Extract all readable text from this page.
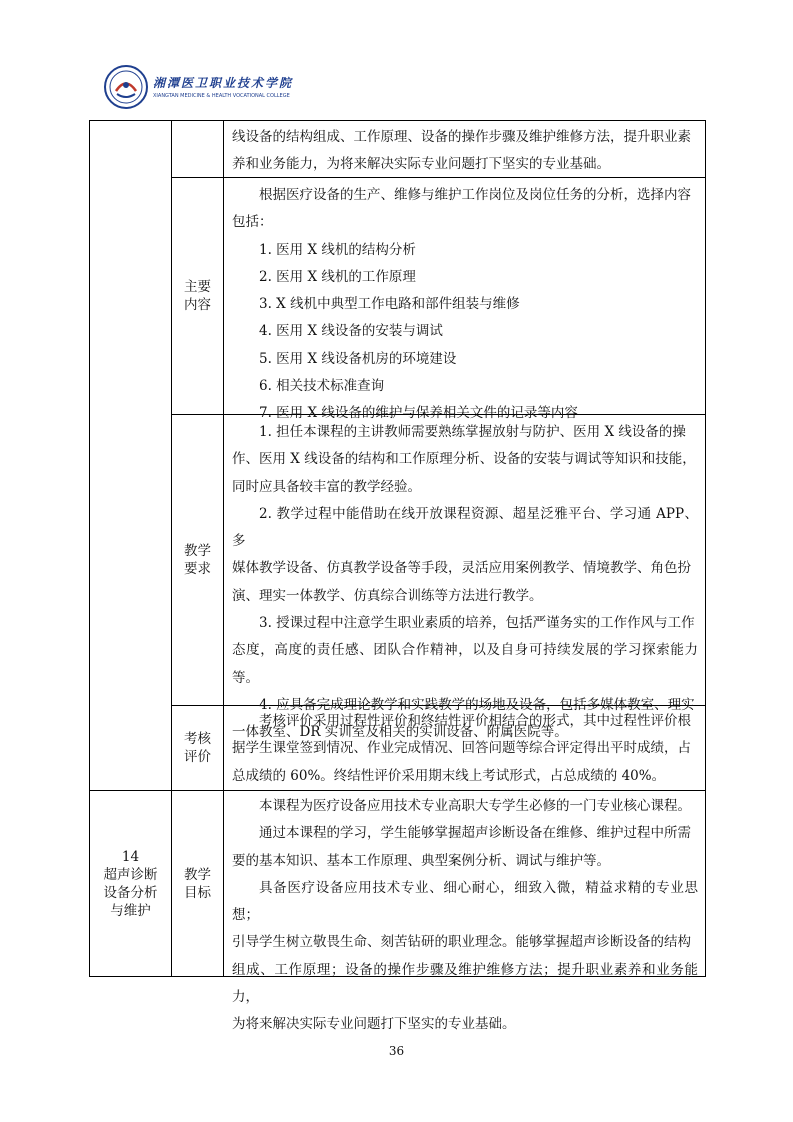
湘潭医卫职业技术学院
XIANGTAN MEDICINE & HEALTH VOCATIONAL COLLEGE

线设备的结构组成、工作原理、设备的操作步骤及维护维修方法，提升职业素

养和业务能力，为将来解决实际专业问题打下坚实的专业基础。

主要
内容

根据医疗设备的生产、维修与维护工作岗位及岗位任务的分析，选择内容

包括：

1. 医用 X 线机的结构分析

2. 医用 X 线机的工作原理

3. X 线机中典型工作电路和部件组装与维修

4. 医用 X 线设备的安装与调试

5. 医用 X 线设备机房的环境建设

6. 相关技术标准查询

7. 医用 X 线设备的维护与保养相关文件的记录等内容

教学
要求

1. 担任本课程的主讲教师需要熟练掌握放射与防护、医用 X 线设备的操

作、医用 X 线设备的结构和工作原理分析、设备的安装与调试等知识和技能，

同时应具备较丰富的教学经验。

2. 教学过程中能借助在线开放课程资源、超星泛雅平台、学习通 APP、多

媒体教学设备、仿真教学设备等手段，灵活应用案例教学、情境教学、角色扮

演、理实一体教学、仿真综合训练等方法进行教学。

3. 授课过程中注意学生职业素质的培养，包括严谨务实的工作作风与工作

态度，高度的责任感、团队合作精神，以及自身可持续发展的学习探索能力等。

4. 应具备完成理论教学和实践教学的场地及设备，包括多媒体教室、理实

一体教室、DR 实训室及相关的实训设备、附属医院等。

考核
评价

考核评价采用过程性评价和终结性评价相结合的形式，其中过程性评价根

据学生课堂签到情况、作业完成情况、回答问题等综合评定得出平时成绩，占

总成绩的 60%。终结性评价采用期末线上考试形式，占总成绩的 40%。

14
超声诊断
设备分析
与维护
教学
目标

本课程为医疗设备应用技术专业高职大专学生必修的一门专业核心课程。

通过本课程的学习，学生能够掌握超声诊断设备在维修、维护过程中所需

要的基本知识、基本工作原理、典型案例分析、调试与维护等。

具备医疗设备应用技术专业、细心耐心，细致入微，精益求精的专业思想；

引导学生树立敬畏生命、刻苦钻研的职业理念。能够掌握超声诊断设备的结构

组成、工作原理；设备的操作步骤及维护维修方法；提升职业素养和业务能力，

为将来解决实际专业问题打下坚实的专业基础。

36
